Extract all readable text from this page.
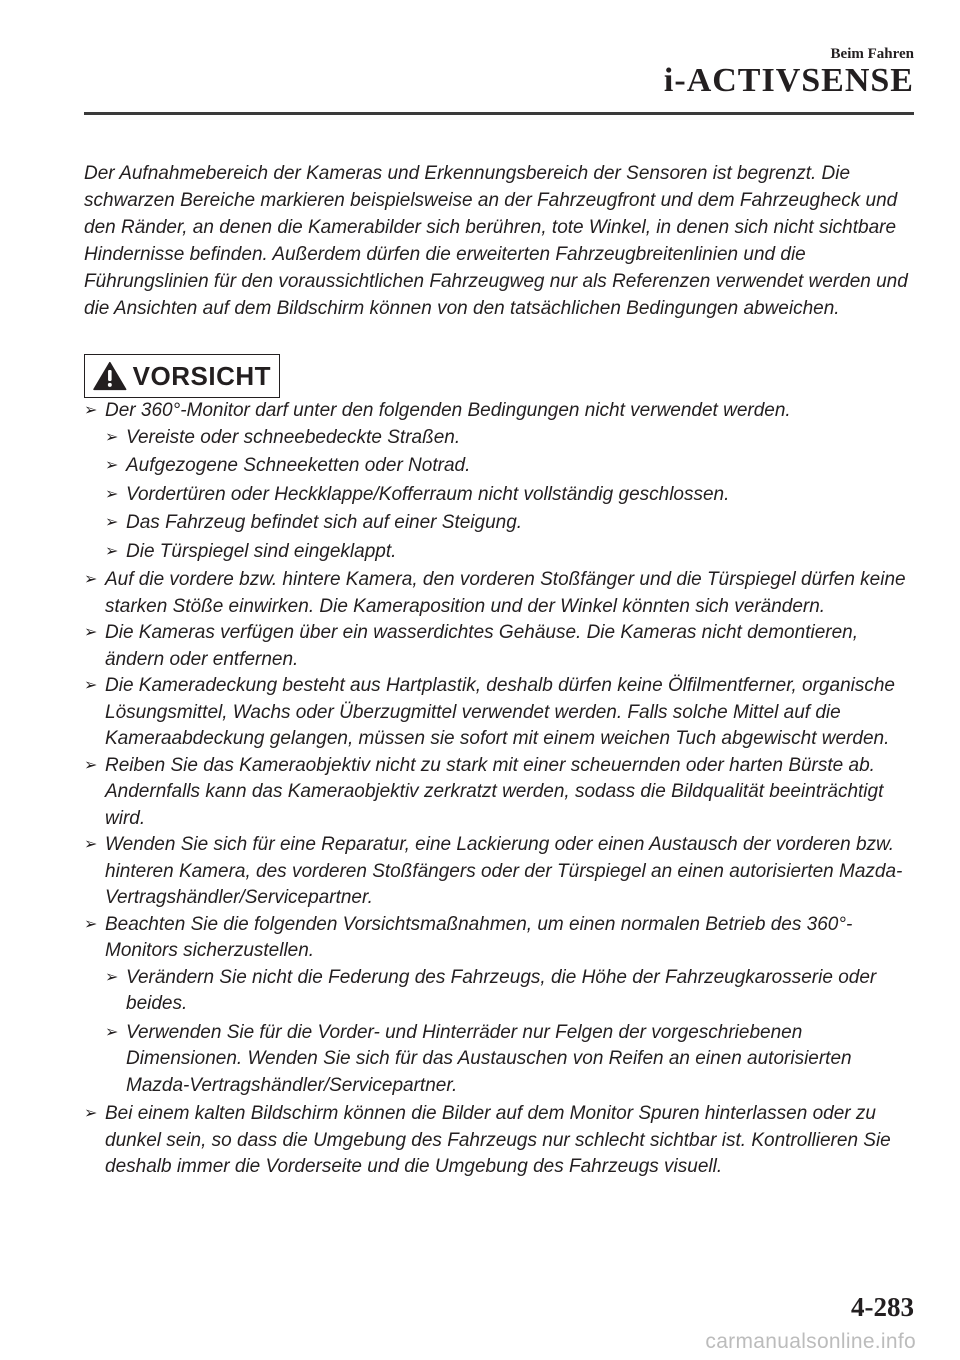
Beim Fahren
i-ACTIVSENSE

Der Aufnahmebereich der Kameras und Erkennungsbereich der Sensoren ist begrenzt. Die schwarzen Bereiche markieren beispielsweise an der Fahrzeugfront und dem Fahrzeugheck und den Ränder, an denen die Kamerabilder sich berühren, tote Winkel, in denen sich nicht sichtbare Hindernisse befinden. Außerdem dürfen die erweiterten Fahrzeugbreitenlinien und die Führungslinien für den voraussichtlichen Fahrzeugweg nur als Referenzen verwendet werden und die Ansichten auf dem Bildschirm können von den tatsächlichen Bedingungen abweichen.

VORSICHT
➢ Der 360°-Monitor darf unter den folgenden Bedingungen nicht verwendet werden.
➢ Vereiste oder schneebedeckte Straßen.
➢ Aufgezogene Schneeketten oder Notrad.
➢ Vordertüren oder Heckklappe/Kofferraum nicht vollständig geschlossen.
➢ Das Fahrzeug befindet sich auf einer Steigung.
➢ Die Türspiegel sind eingeklappt.
➢ Auf die vordere bzw. hintere Kamera, den vorderen Stoßfänger und die Türspiegel dürfen keine starken Stöße einwirken. Die Kameraposition und der Winkel könnten sich verändern.
➢ Die Kameras verfügen über ein wasserdichtes Gehäuse. Die Kameras nicht demontieren, ändern oder entfernen.
➢ Die Kameradeckung besteht aus Hartplastik, deshalb dürfen keine Ölfilmentferner, organische Lösungsmittel, Wachs oder Überzugmittel verwendet werden. Falls solche Mittel auf die Kameraabdeckung gelangen, müssen sie sofort mit einem weichen Tuch abgewischt werden.
➢ Reiben Sie das Kameraobjektiv nicht zu stark mit einer scheuernden oder harten Bürste ab. Andernfalls kann das Kameraobjektiv zerkratzt werden, sodass die Bildqualität beeinträchtigt wird.
➢ Wenden Sie sich für eine Reparatur, eine Lackierung oder einen Austausch der vorderen bzw. hinteren Kamera, des vorderen Stoßfängers oder der Türspiegel an einen autorisierten Mazda-Vertragshändler/Servicepartner.
➢ Beachten Sie die folgenden Vorsichtsmaßnahmen, um einen normalen Betrieb des 360°-Monitors sicherzustellen.
➢ Verändern Sie nicht die Federung des Fahrzeugs, die Höhe der Fahrzeugkarosserie oder beides.
➢ Verwenden Sie für die Vorder- und Hinterräder nur Felgen der vorgeschriebenen Dimensionen. Wenden Sie sich für das Austauschen von Reifen an einen autorisierten Mazda-Vertragshändler/Servicepartner.
➢ Bei einem kalten Bildschirm können die Bilder auf dem Monitor Spuren hinterlassen oder zu dunkel sein, so dass die Umgebung des Fahrzeugs nur schlecht sichtbar ist. Kontrollieren Sie deshalb immer die Vorderseite und die Umgebung des Fahrzeugs visuell.
4-283
carmanualsonline.info
